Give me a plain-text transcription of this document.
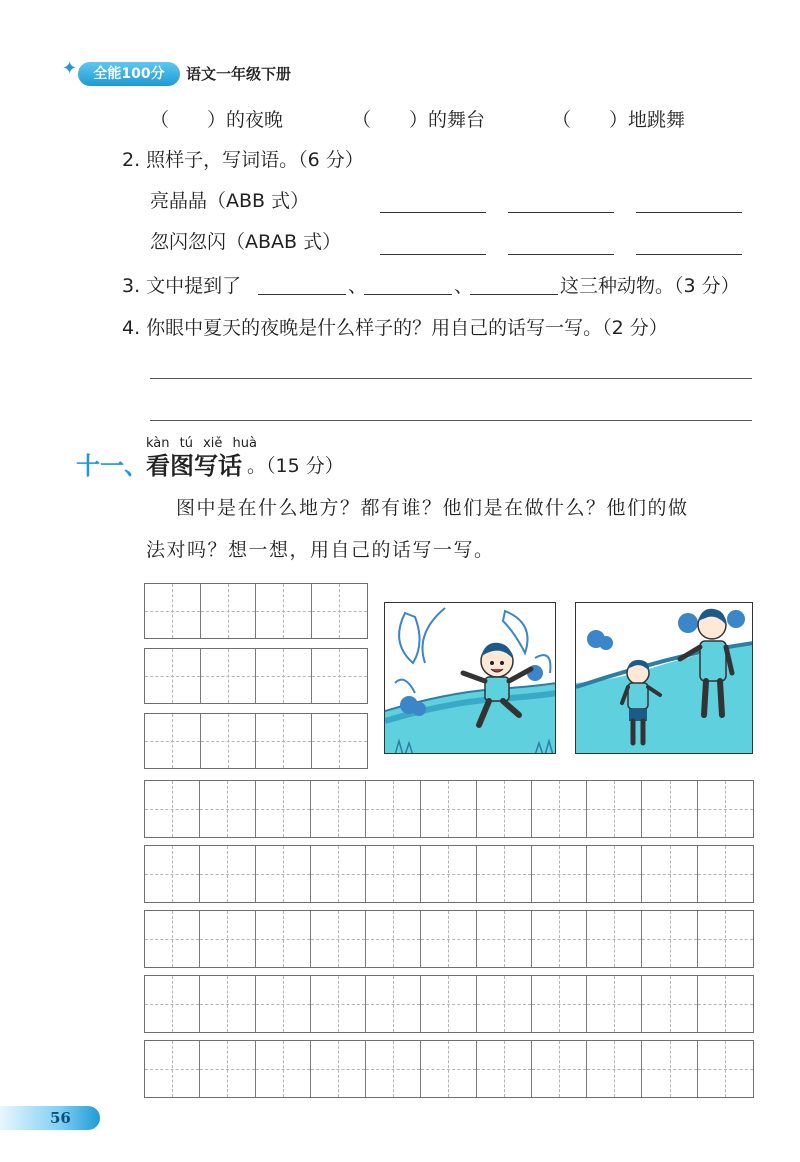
✦	全能100分	语文一年级下册
（　　）的夜晚	（　　）的舞台	（　　）地跳舞
2. 照样子，写词语。（6 分）
亮晶晶（ABB 式）
忽闪忽闪（ABAB 式）
3. 文中提到了	、	、	这三种动物。（3 分）
4. 你眼中夏天的夜晚是什么样子的？用自己的话写一写。（2 分）
kàn tú xiě huà
十一、
看图写话 。（15 分）
图中是在什么地方？都有谁？他们是在做什么？他们的做
法对吗？想一想，用自己的话写一写。
56
